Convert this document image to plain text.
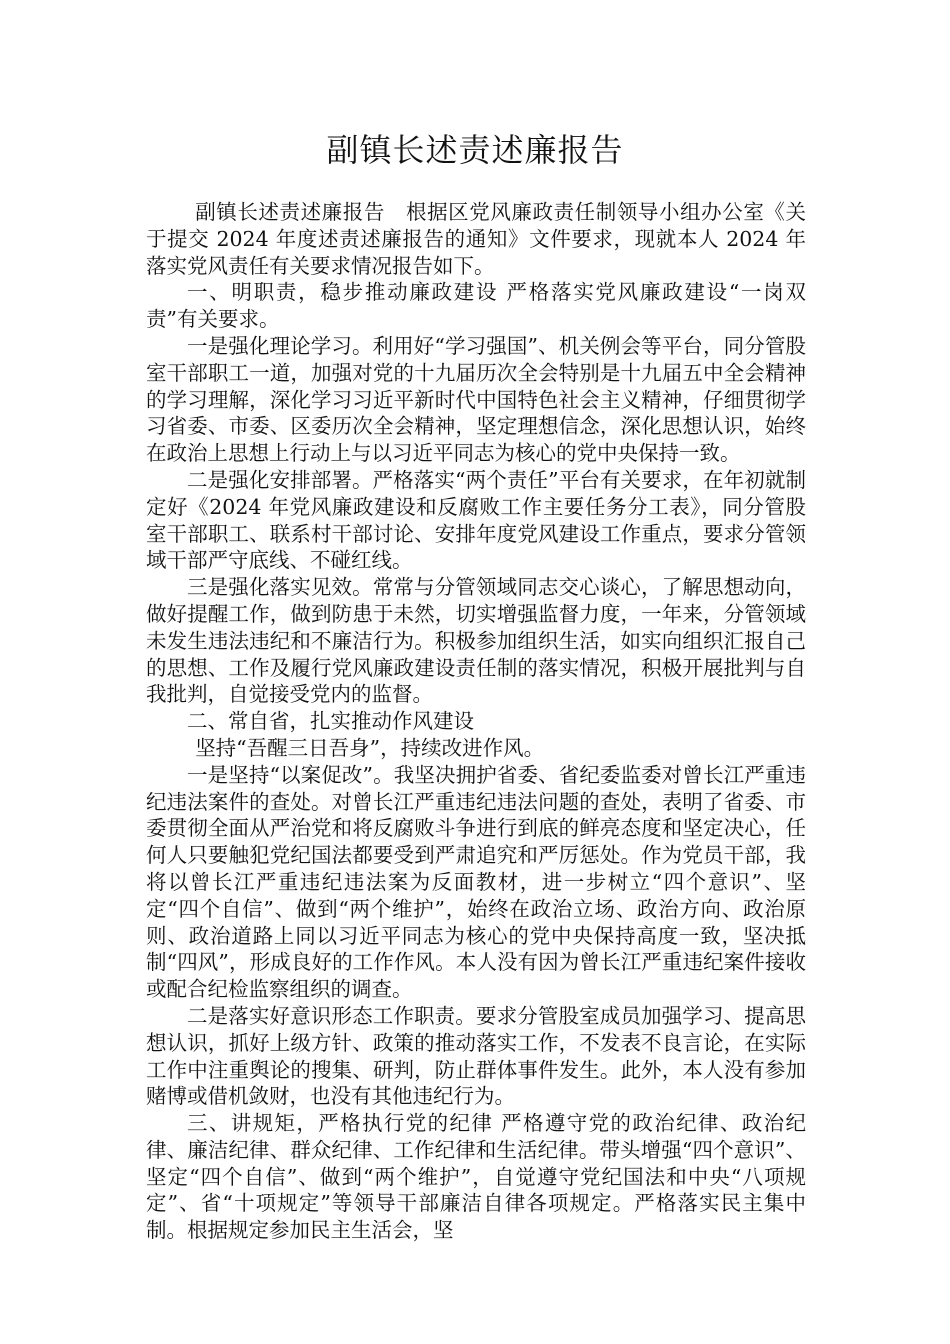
副镇长述责述廉报告

副镇长述责述廉报告　根据区党风廉政责任制领导小组办公室《关于提交 2024 年度述责述廉报告的通知》文件要求，现就本人 2024 年落实党风责任有关要求情况报告如下。

一、明职责，稳步推动廉政建设 严格落实党风廉政建设“一岗双责”有关要求。

一是强化理论学习。利用好“学习强国”、机关例会等平台，同分管股室干部职工一道，加强对党的十九届历次全会特别是十九届五中全会精神的学习理解，深化学习习近平新时代中国特色社会主义精神，仔细贯彻学习省委、市委、区委历次全会精神，坚定理想信念，深化思想认识，始终在政治上思想上行动上与以习近平同志为核心的党中央保持一致。

二是强化安排部署。严格落实“两个责任”平台有关要求，在年初就制定好《2024 年党风廉政建设和反腐败工作主要任务分工表》，同分管股室干部职工、联系村干部讨论、安排年度党风建设工作重点，要求分管领域干部严守底线、不碰红线。

三是强化落实见效。常常与分管领域同志交心谈心，了解思想动向，做好提醒工作，做到防患于未然，切实增强监督力度，一年来，分管领域未发生违法违纪和不廉洁行为。积极参加组织生活，如实向组织汇报自己的思想、工作及履行党风廉政建设责任制的落实情况，积极开展批判与自我批判，自觉接受党内的监督。

二、常自省，扎实推动作风建设

坚持“吾醒三日吾身”，持续改进作风。

一是坚持“以案促改”。我坚决拥护省委、省纪委监委对曾长江严重违纪违法案件的查处。对曾长江严重违纪违法问题的查处，表明了省委、市委贯彻全面从严治党和将反腐败斗争进行到底的鲜亮态度和坚定决心，任何人只要触犯党纪国法都要受到严肃追究和严厉惩处。作为党员干部，我将以曾长江严重违纪违法案为反面教材，进一步树立“四个意识”、坚定“四个自信”、做到“两个维护”，始终在政治立场、政治方向、政治原则、政治道路上同以习近平同志为核心的党中央保持高度一致，坚决抵制“四风”，形成良好的工作作风。本人没有因为曾长江严重违纪案件接收或配合纪检监察组织的调查。

二是落实好意识形态工作职责。要求分管股室成员加强学习、提高思想认识，抓好上级方针、政策的推动落实工作，不发表不良言论，在实际工作中注重舆论的搜集、研判，防止群体事件发生。此外，本人没有参加赌博或借机敛财，也没有其他违纪行为。

三、讲规矩，严格执行党的纪律 严格遵守党的政治纪律、政治纪律、廉洁纪律、群众纪律、工作纪律和生活纪律。带头增强“四个意识”、坚定“四个自信”、做到“两个维护”，自觉遵守党纪国法和中央“八项规定”、省“十项规定”等领导干部廉洁自律各项规定。严格落实民主集中制。根据规定参加民主生活会，坚
